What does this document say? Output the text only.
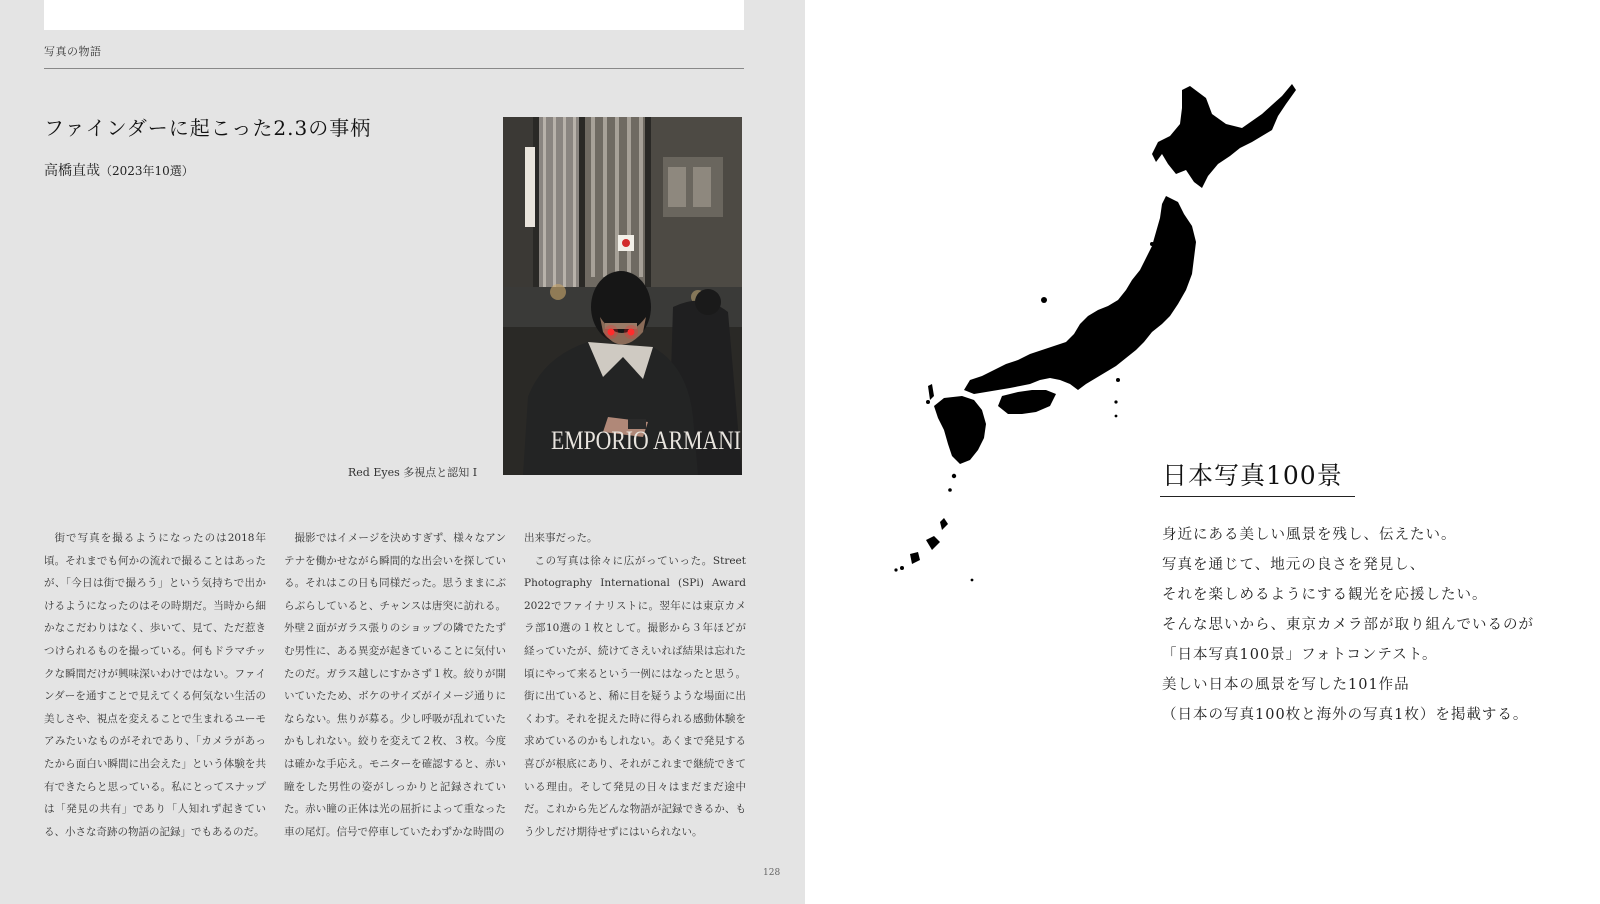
写真の物語
ファインダーに起こった2.3の事柄
高橋直哉（2023年10選）
EMPORIO ARMANI
Red Eyes 多視点と認知 I

街で写真を撮るようになったのは2018年頃。それまでも何かの流れで撮ることはあったが、「今日は街で撮ろう」という気持ちで出かけるようになったのはその時期だ。当時から細かなこだわりはなく、歩いて、見て、ただ惹きつけられるものを撮っている。何もドラマチックな瞬間だけが興味深いわけではない。ファインダーを通すことで見えてくる何気ない生活の美しさや、視点を変えることで生まれるユーモアみたいなものがそれであり、「カメラがあったから面白い瞬間に出会えた」という体験を共有できたらと思っている。私にとってスナップは「発見の共有」であり「人知れず起きている、小さな奇跡の物語の記録」でもあるのだ。

撮影ではイメージを決めすぎず、様々なアンテナを働かせながら瞬間的な出会いを探している。それはこの日も同様だった。思うままにぶらぶらしていると、チャンスは唐突に訪れる。外壁２面がガラス張りのショップの隣でたたずむ男性に、ある異変が起きていることに気付いたのだ。ガラス越しにすかさず１枚。絞りが開いていたため、ボケのサイズがイメージ通りにならない。焦りが募る。少し呼吸が乱れていたかもしれない。絞りを変えて２枚、３枚。今度は確かな手応え。モニターを確認すると、赤い瞳をした男性の姿がしっかりと記録されていた。赤い瞳の正体は光の屈折によって重なった車の尾灯。信号で停車していたわずかな時間の

出来事だった。

この写真は徐々に広がっていった。Street Photography International (SPi) Award 2022でファイナリストに。翌年には東京カメラ部10選の１枚として。撮影から３年ほどが経っていたが、続けてさえいれば結果は忘れた頃にやって来るという一例にはなったと思う。街に出ていると、稀に目を疑うような場面に出くわす。それを捉えた時に得られる感動体験を求めているのかもしれない。あくまで発見する喜びが根底にあり、それがこれまで継続できている理由。そして発見の日々はまだまだ途中だ。これから先どんな物語が記録できるか、もう少しだけ期待せずにはいられない。

128
日本写真100景
身近にある美しい風景を残し、伝えたい。
写真を通じて、地元の良さを発見し、
それを楽しめるようにする観光を応援したい。
そんな思いから、東京カメラ部が取り組んでいるのが
「日本写真100景」フォトコンテスト。
美しい日本の風景を写した101作品
（日本の写真100枚と海外の写真1枚）を掲載する。
